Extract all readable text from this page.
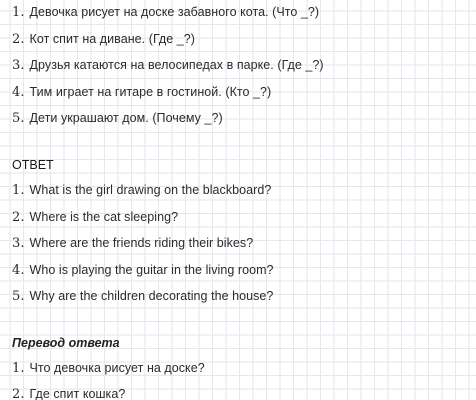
1. Девочка рисует на доске забавного кота. (Что _?)
2. Кот спит на диване. (Где _?)
3. Друзья катаются на велосипедах в парке. (Где _?)
4. Тим играет на гитаре в гостиной. (Кто _?)
5. Дети украшают дом. (Почему _?)
ОТВЕТ
1. What is the girl drawing on the blackboard?
2. Where is the cat sleeping?
3. Where are the friends riding their bikes?
4. Who is playing the guitar in the living room?
5. Why are the children decorating the house?
Перевод ответа
1. Что девочка рисует на доске?
2. Где спит кошка?
